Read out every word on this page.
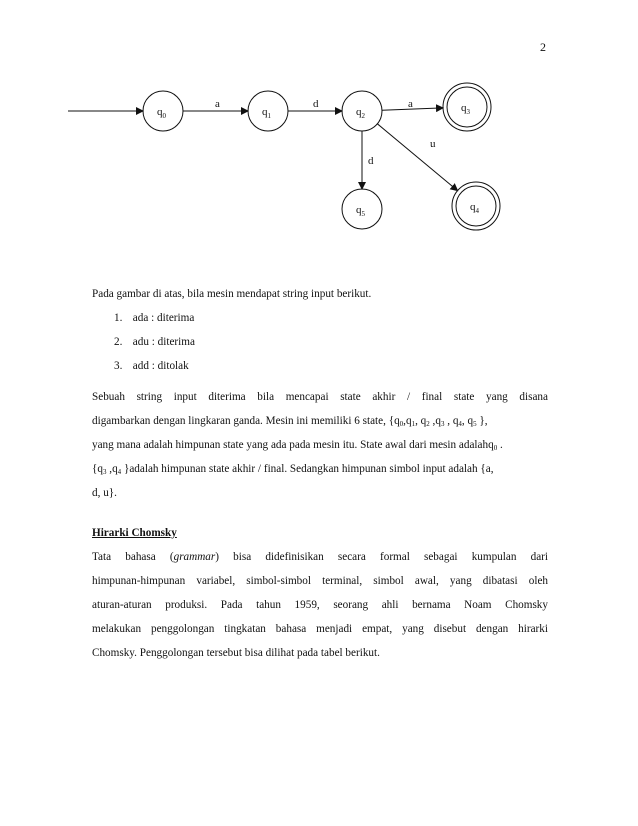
2
$q_0$	$q_1$	$q_2$
$q_3$
$q_4$
$q_5$
a	d	a
u
d
Pada gambar di atas, bila mesin mendapat string input berikut.
1. ada : diterima
2. adu : diterima
3. add : ditolak
Sebuah string input diterima bila mencapai state akhir / final state yang disana
digambarkan dengan lingkaran ganda. Mesin ini memiliki 6 state, {$q_0,q_1$, $q_2$ $,q_3$ , $q_4$, $q_5$ },
yang mana adalah himpunan state yang ada pada mesin itu. State awal dari mesin adalahq$_0$ .
{$q_3$ $,q_4$ }adalah himpunan state akhir / final. Sedangkan himpunan simbol input adalah {a,
d, u}.
Hirarki Chomsky
Tata bahasa (grammar) bisa didefinisikan secara formal sebagai kumpulan dari
himpunan-himpunan variabel, simbol-simbol terminal, simbol awal, yang dibatasi oleh
aturan-aturan produksi. Pada tahun 1959, seorang ahli bernama Noam Chomsky
melakukan penggolongan tingkatan bahasa menjadi empat, yang disebut dengan hirarki
Chomsky. Penggolongan tersebut bisa dilihat pada tabel berikut.
